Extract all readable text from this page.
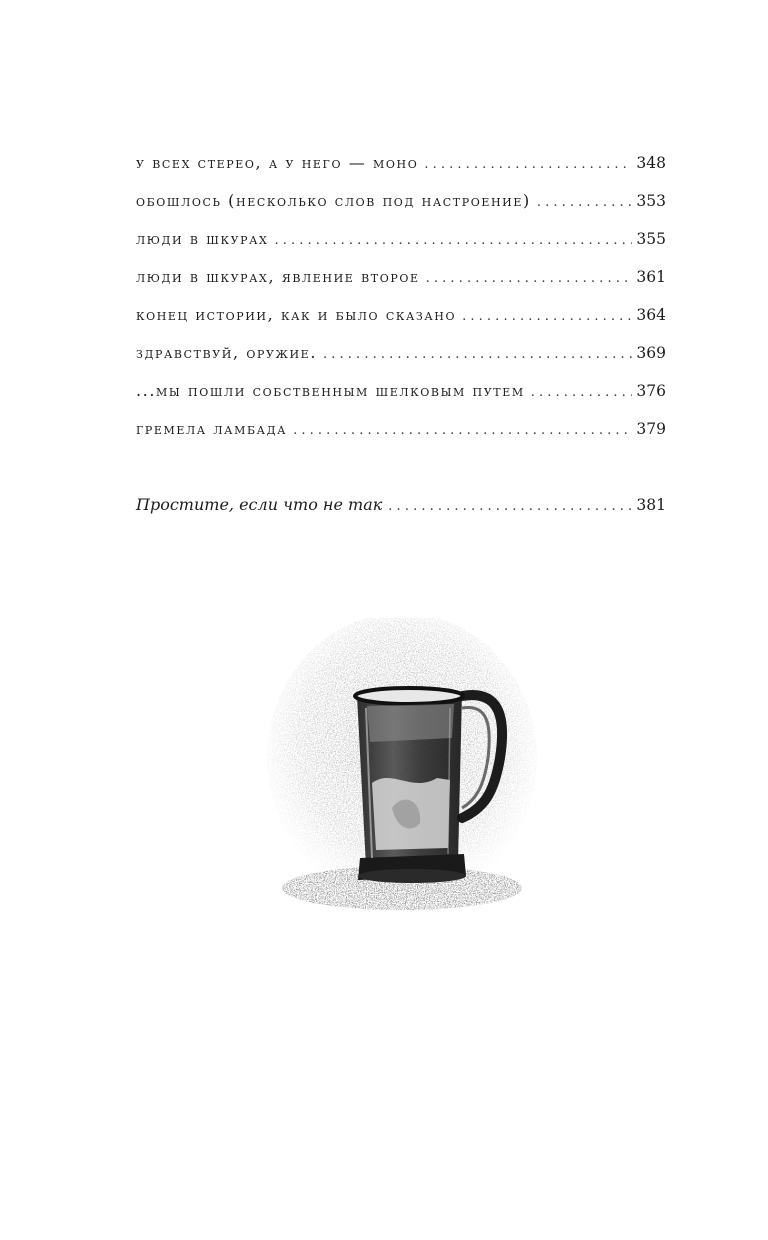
у всех стерео, а у него — моно . . .	348
обошлось (несколько слов под настроение) . . .	353
люди в шкурах . . .	355
люди в шкурах, явление второе . . .	361
конец истории, как и было сказано . . .	364
здравствуй, оружие. . . .	369
...мы пошли собственным шелковым путем . . .	376
гремела ламбада . . .	379
Простите, если что не так . . .	381
